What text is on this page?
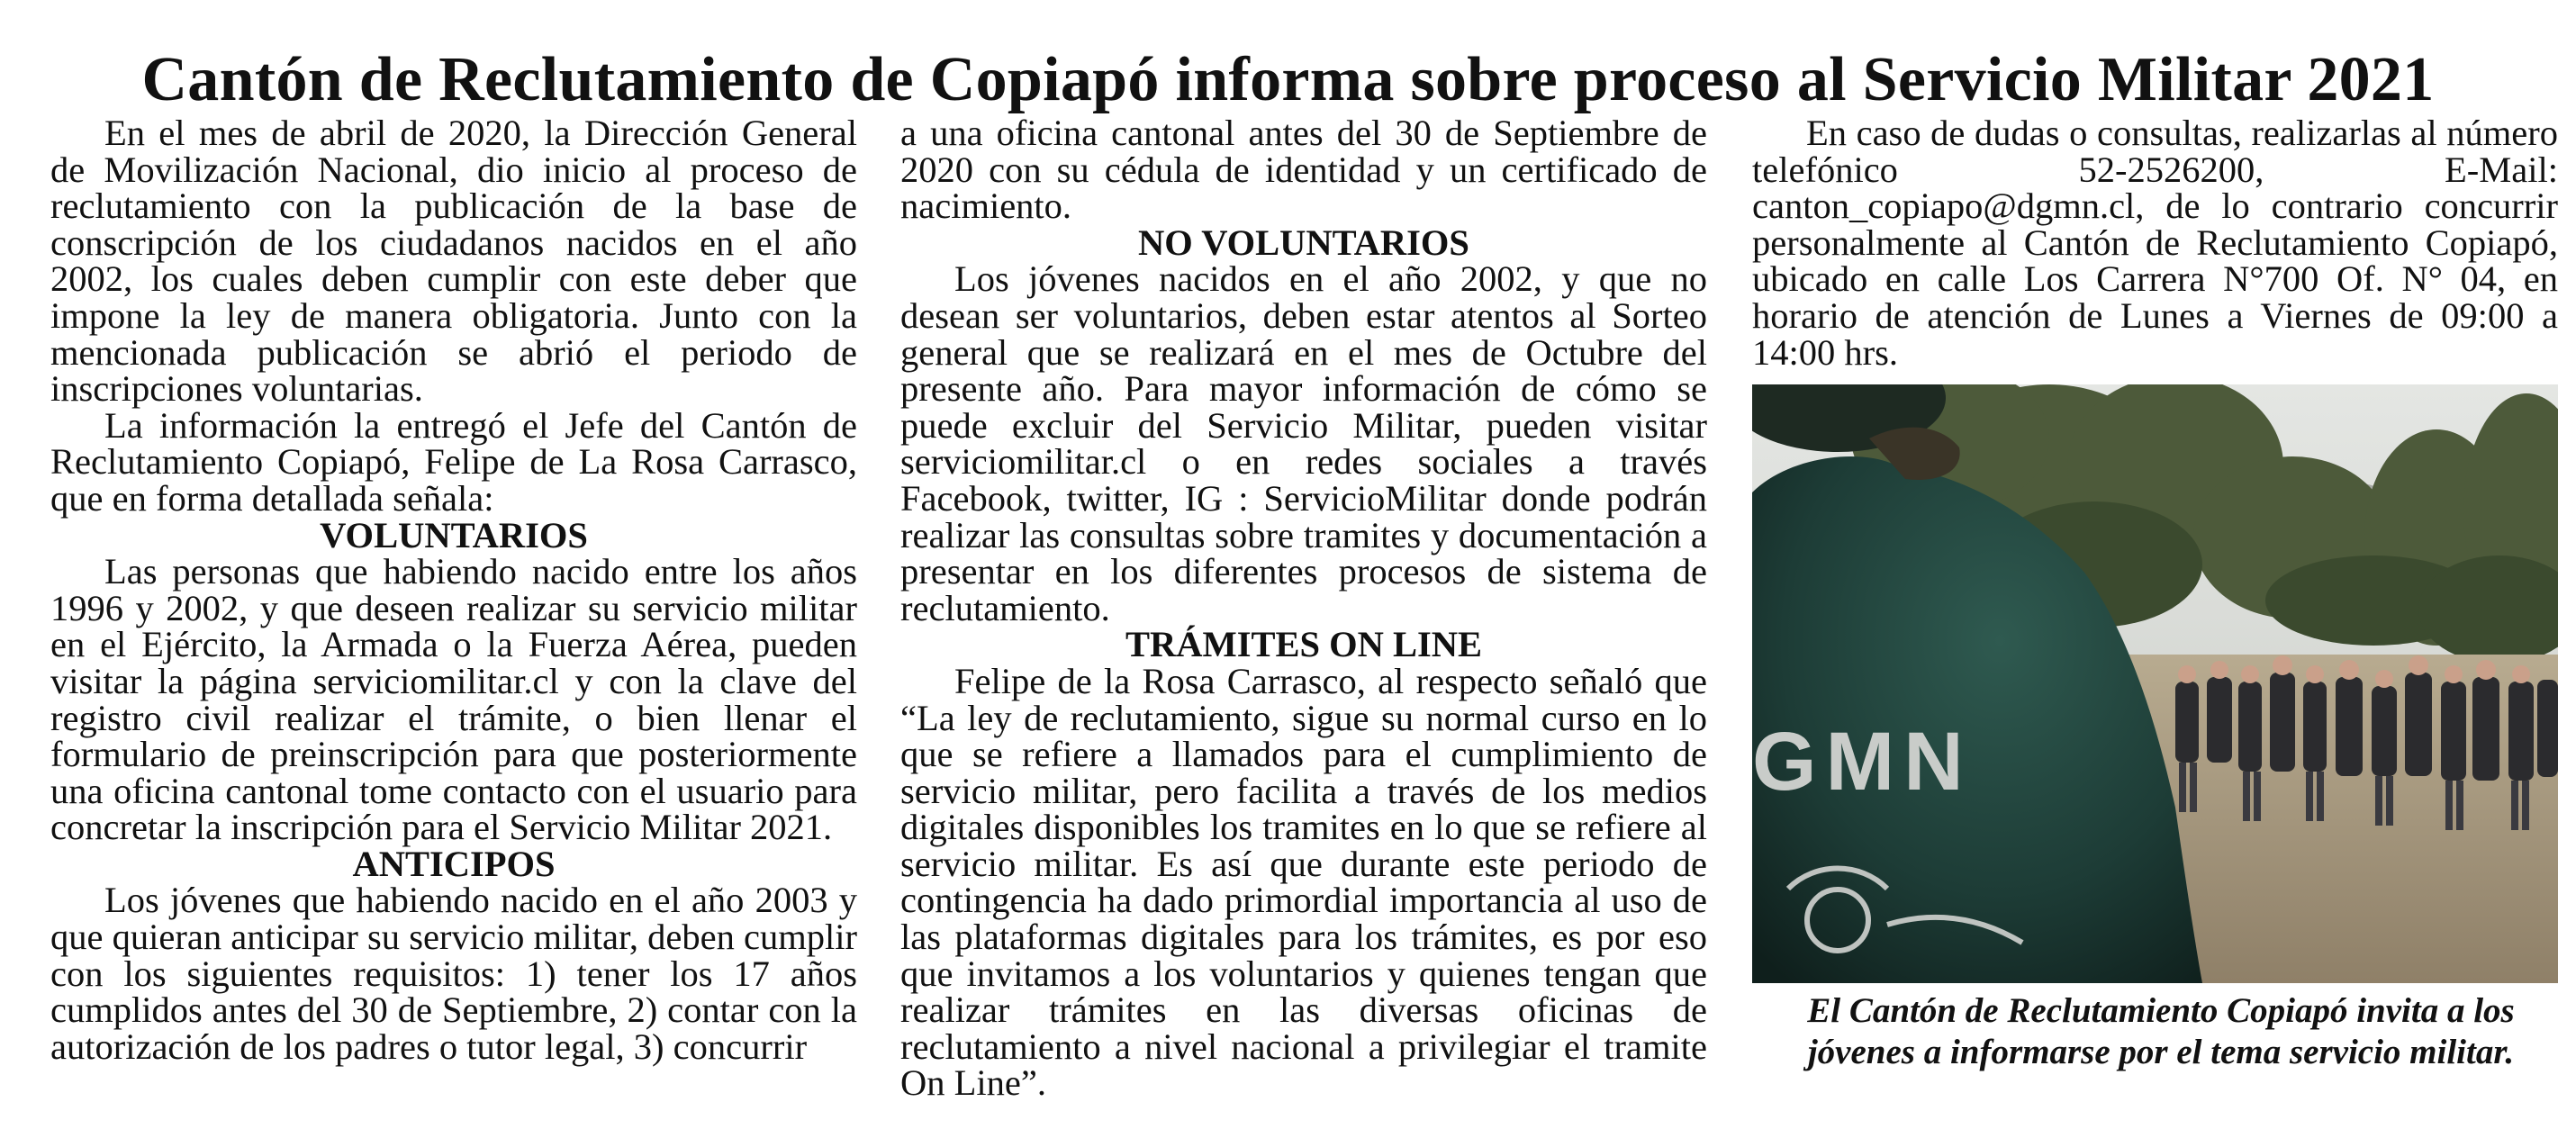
Cantón de Reclutamiento de Copiapó informa sobre proceso al Servicio Militar 2021

En el mes de abril de 2020, la Dirección General de Movilización Nacional, dio inicio al proceso de reclutamiento con la publicación de la base de conscripción de los ciudadanos nacidos en el año 2002, los cuales deben cumplir con este deber que impone la ley de manera obligatoria. Junto con la mencionada publicación se abrió el periodo de inscripciones voluntarias.

La información la entregó el Jefe del Cantón de Reclutamiento Copiapó, Felipe de La Rosa Carrasco, que en forma detallada señala:

VOLUNTARIOS

Las personas que habiendo nacido entre los años 1996 y 2002, y que deseen realizar su servicio militar en el Ejército, la Armada o la Fuerza Aérea, pueden visitar la página serviciomilitar.cl y con la clave del registro civil realizar el trámite, o bien llenar el formulario de preinscripción para que posteriormente una oficina cantonal tome contacto con el usuario para concretar la inscripción para el Servicio Militar 2021.

ANTICIPOS

Los jóvenes que habiendo nacido en el año 2003 y que quieran anticipar su servicio militar, deben cumplir con los siguientes requisitos: 1) tener los 17 años cumplidos antes del 30 de Septiembre, 2) contar con la autorización de los padres o tutor legal, 3) concurrir

a una oficina cantonal antes del 30 de Septiembre de 2020 con su cédula de identidad y un certificado de nacimiento.

NO VOLUNTARIOS

Los jóvenes nacidos en el año 2002, y que no desean ser voluntarios, deben estar atentos al Sorteo general que se realizará en el mes de Octubre del presente año. Para mayor información de cómo se puede excluir del Servicio Militar, pueden visitar serviciomilitar.cl o en redes sociales a través Facebook, twitter, IG : ServicioMilitar donde podrán realizar las consultas sobre tramites y documentación a presentar en los diferentes procesos de sistema de reclutamiento.

TRÁMITES ON LINE

Felipe de la Rosa Carrasco, al respecto señaló que “La ley de reclutamiento, sigue su normal curso en lo que se refiere a llamados para el cumplimiento de servicio militar, pero facilita a través de los medios digitales disponibles los tramites en lo que se refiere al servicio militar. Es así que durante este periodo de contingencia ha dado primordial importancia al uso de las plataformas digitales para los trámites, es por eso que invitamos a los voluntarios y quienes tengan que realizar trámites en las diversas oficinas de reclutamiento a nivel nacional a privilegiar el tramite On Line”.

En caso de dudas o consultas, realizarlas al número telefónico 52-2526200, E-Mail: canton_copiapo@dgmn.cl, de lo contrario concurrir personalmente al Cantón de Reclutamiento Copiapó, ubicado en calle Los Carrera N°700 Of. N° 04, en horario de atención de Lunes a Viernes de 09:00 a 14:00 hrs.

GMN
El Cantón de Reclutamiento Copiapó invita a los jóvenes a informarse por el tema servicio militar.
